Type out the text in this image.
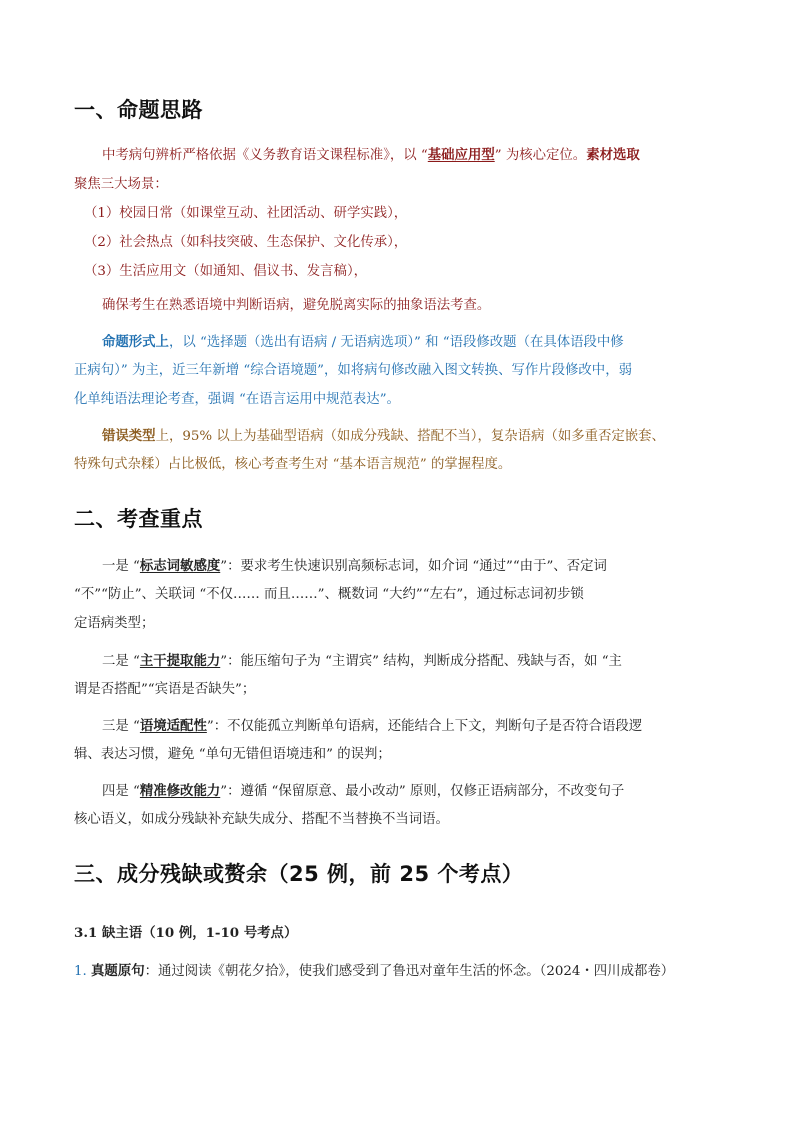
一、命题思路

中考病句辨析严格依据《义务教育语文课程标准》，以 “基础应用型” 为核心定位。素材选取

聚焦三大场景：

（1）校园日常（如课堂互动、社团活动、研学实践），

（2）社会热点（如科技突破、生态保护、文化传承），

（3）生活应用文（如通知、倡议书、发言稿），

确保考生在熟悉语境中判断语病，避免脱离实际的抽象语法考查。

命题形式上，以 “选择题（选出有语病 / 无语病选项）” 和 “语段修改题（在具体语段中修

正病句）” 为主，近三年新增 “综合语境题”，如将病句修改融入图文转换、写作片段修改中，弱

化单纯语法理论考查，强调 “在语言运用中规范表达”。

错误类型上，95% 以上为基础型语病（如成分残缺、搭配不当），复杂语病（如多重否定嵌套、

特殊句式杂糅）占比极低，核心考查考生对 “基本语言规范” 的掌握程度。

二、考查重点

一是 “标志词敏感度”：要求考生快速识别高频标志词，如介词 “通过”“由于”、否定词

“不”“防止”、关联词 “不仅…… 而且……”、概数词 “大约”“左右”，通过标志词初步锁

定语病类型；

二是 “主干提取能力”：能压缩句子为 “主谓宾” 结构，判断成分搭配、残缺与否，如 “主

谓是否搭配”“宾语是否缺失”；

三是 “语境适配性”：不仅能孤立判断单句语病，还能结合上下文，判断句子是否符合语段逻

辑、表达习惯，避免 “单句无错但语境违和” 的误判；

四是 “精准修改能力”：遵循 “保留原意、最小改动” 原则，仅修正语病部分，不改变句子

核心语义，如成分残缺补充缺失成分、搭配不当替换不当词语。

三、成分残缺或赘余（25 例，前 25 个考点）

3.1 缺主语（10 例，1-10 号考点）

1. 真题原句：通过阅读《朝花夕拾》，使我们感受到了鲁迅对童年生活的怀念。（2024・四川成都卷）
